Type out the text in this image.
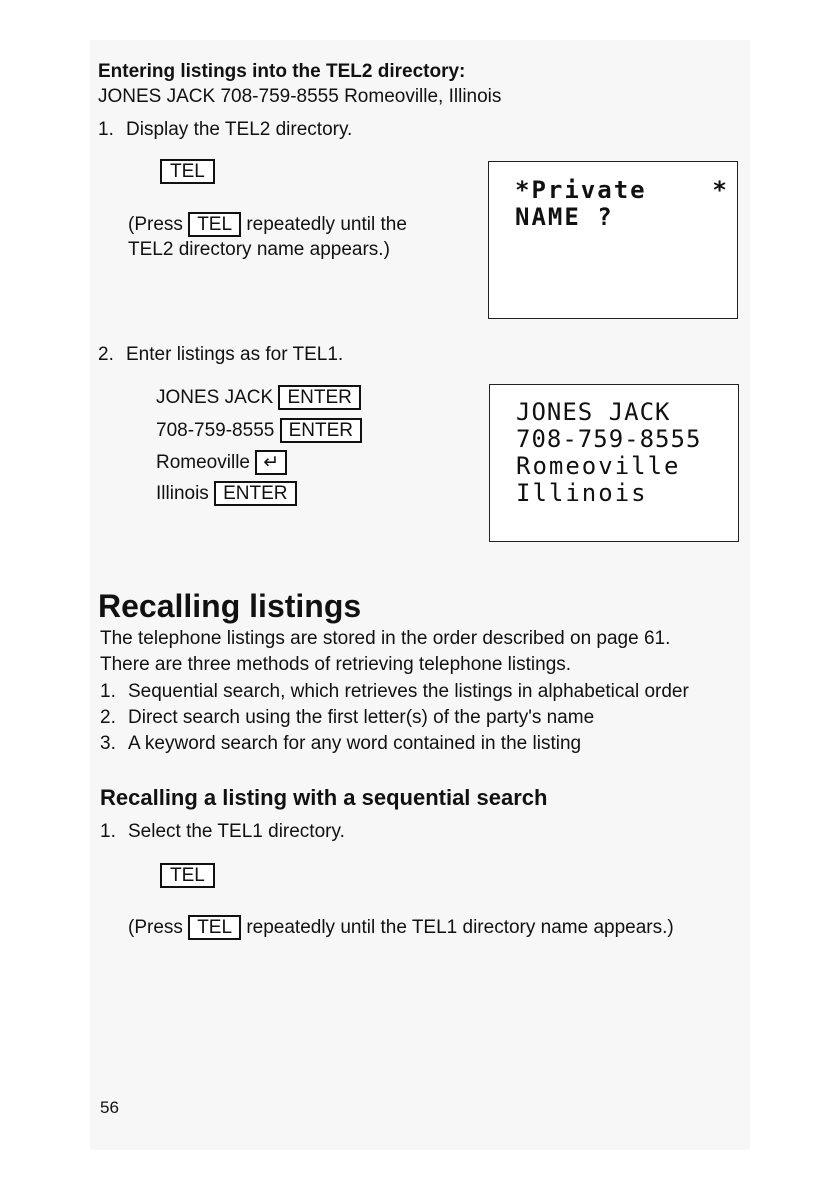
Entering listings into the TEL2 directory:
JONES JACK 708-759-8555 Romeoville, Illinois
1. Display the TEL2 directory.
TEL
(Press TEL repeatedly until the
TEL2 directory name appears.)
*Private    *
NAME ?
2. Enter listings as for TEL1.
JONES JACK ENTER
708-759-8555 ENTER
Romeoville ↵
Illinois ENTER
JONES JACK
708-759-8555
Romeoville
Illinois
Recalling listings
The telephone listings are stored in the order described on page 61.
There are three methods of retrieving telephone listings.
1. Sequential search, which retrieves the listings in alphabetical order
2. Direct search using the first letter(s) of the party's name
3. A keyword search for any word contained in the listing
Recalling a listing with a sequential search
1. Select the TEL1 directory.
TEL
(Press TEL repeatedly until the TEL1 directory name appears.)
56
